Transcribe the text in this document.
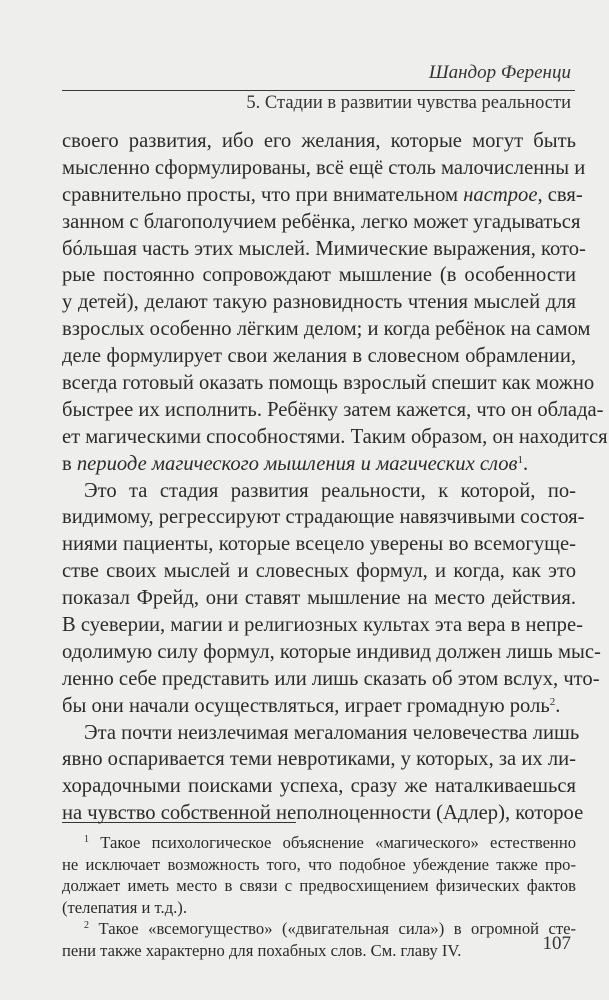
Шандор Ференци
5. Стадии в развитии чувства реальности
своего развития, ибо его желания, которые могут быть
мысленно сформулированы, всё ещё столь малочисленны и
сравнительно просты, что при внимательном настрое, свя-
занном с благополучием ребёнка, легко может угадываться
бóльшая часть этих мыслей. Мимические выражения, кото-
рые постоянно сопровождают мышление (в особенности
у детей), делают такую разновидность чтения мыслей для
взрослых особенно лёгким делом; и когда ребёнок на самом
деле формулирует свои желания в словесном обрамлении,
всегда готовый оказать помощь взрослый спешит как можно
быстрее их исполнить. Ребёнку затем кажется, что он облада-
ет магическими способностями. Таким образом, он находится
в периоде магического мышления и магических слов$^1$.
Это та стадия развития реальности, к которой, по-
видимому, регрессируют страдающие навязчивыми состоя-
ниями пациенты, которые всецело уверены во всемогуще-
стве своих мыслей и словесных формул, и когда, как это
показал Фрейд, они ставят мышление на место действия.
В суеверии, магии и религиозных культах эта вера в непре-
одолимую силу формул, которые индивид должен лишь мыс-
ленно себе представить или лишь сказать об этом вслух, что-
бы они начали осуществляться, играет громадную роль$^2$.
Эта почти неизлечимая мегаломания человечества лишь
явно оспаривается теми невротиками, у которых, за их ли-
хорадочными поисками успеха, сразу же наталкиваешься
на чувство собственной неполноценности (Адлер), которое
$^1$ Такое психологическое объяснение «магического» естественно
не исключает возможность того, что подобное убеждение также про-
должает иметь место в связи с предвосхищением физических фактов
(телепатия и т.д.).
$^2$ Такое «всемогущество» («двигательная сила») в огромной сте-
пени также характерно для похабных слов. См. главу IV.	107
